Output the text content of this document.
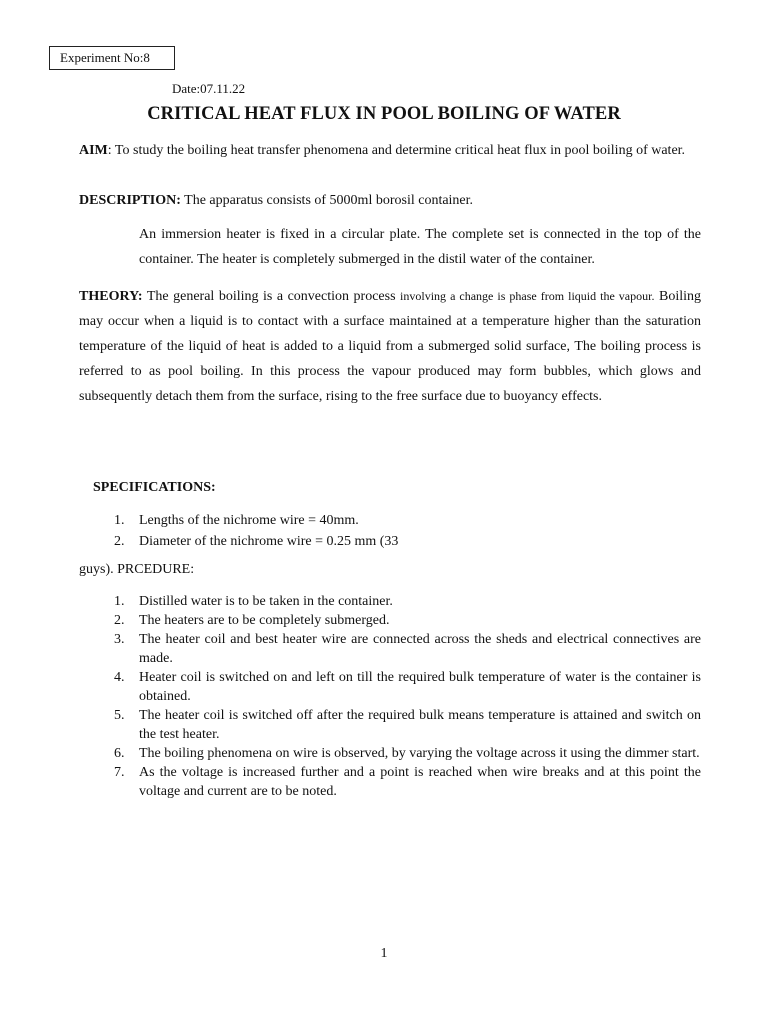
Experiment No:8
Date:07.11.22
CRITICAL HEAT FLUX IN POOL BOILING OF WATER
AIM: To study the boiling heat transfer phenomena and determine critical heat flux in pool boiling of water.
DESCRIPTION: The apparatus consists of 5000ml borosil container.
An immersion heater is fixed in a circular plate. The complete set is connected in the top of the container. The heater is completely submerged in the distil water of the container.
THEORY: The general boiling is a convection process involving a change is phase from liquid the vapour. Boiling may occur when a liquid is to contact with a surface maintained at a temperature higher than the saturation temperature of the liquid of heat is added to a liquid from a submerged solid surface, The boiling process is referred to as pool boiling. In this process the vapour produced may form bubbles, which glows and subsequently detach them from the surface, rising to the free surface due to buoyancy effects.
SPECIFICATIONS:
1. Lengths of the nichrome wire = 40mm.
2. Diameter of the nichrome wire = 0.25 mm (33
guys). PRCEDURE:
1. Distilled water is to be taken in the container.
2. The heaters are to be completely submerged.
3. The heater coil and best heater wire are connected across the sheds and electrical connectives are made.
4. Heater coil is switched on and left on till the required bulk temperature of water is the container is obtained.
5. The heater coil is switched off after the required bulk means temperature is attained and switch on the test heater.
6. The boiling phenomena on wire is observed, by varying the voltage across it using the dimmer start.
7. As the voltage is increased further and a point is reached when wire breaks and at this point the voltage and current are to be noted.
1
